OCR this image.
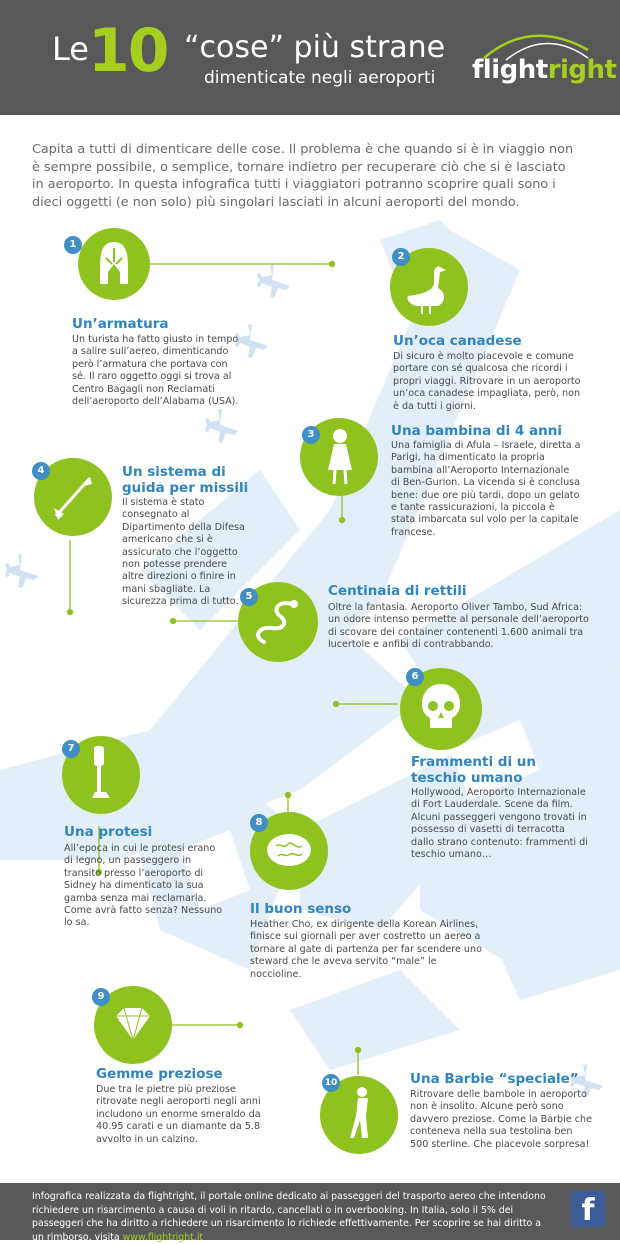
Le 10 “cose” più strane
dimenticate negli aeroporti flightright
Capita a tutti di dimenticare delle cose. Il problema è che quando si è in viaggio non è sempre possibile, o semplice, tornare indietro per recuperare ciò che si è lasciato in aeroporto. In questa infografica tutti i viaggiatori potranno scoprire quali sono i dieci oggetti (e non solo) più singolari lasciati in alcuni aeroporti del mondo.
1
Un’armatura
Un turista ha fatto giusto in tempo a salire sull’aereo, dimenticando però l’armatura che portava con sé. Il raro oggetto oggi si trova al Centro Bagagli non Reclamati dell’aeroporto dell’Alabama (USA).
2
Un’oca canadese
Di sicuro è molto piacevole e comune portare con sé qualcosa che ricordi i propri viaggi. Ritrovare in un aeroporto un’oca canadese impagliata, però, non è da tutti i giorni.
3	Una bambina di 4 anni
Una famiglia di Afula – Israele, diretta a Parigi, ha dimenticato la propria bambina all’Aeroporto Internazionale di Ben-Gurion. La vicenda si è conclusa bene: due ore più tardi, dopo un gelato e tante rassicurazioni, la piccola è stata imbarcata sul volo per la capitale francese.
4	Un sistema di guida per missili
Il sistema è stato consegnato al Dipartimento della Difesa americano che si è assicurato che l’oggetto non potesse prendere altre direzioni o finire in mani sbagliate. La sicurezza prima di tutto. 5	Centinaia di rettili
Oltre la fantasia. Aeroporto Oliver Tambo, Sud Africa: un odore intenso permette al personale dell’aeroporto di scovare dei container contenenti 1.600 animali tra lucertole e anfibi di contrabbando.
6
Frammenti di un teschio umano
Hollywood, Aeroporto Internazionale di Fort Lauderdale. Scene da film. Alcuni passeggeri vengono trovati in possesso di vasetti di terracotta dallo strano contenuto: frammenti di teschio umano…
7
Una protesi
All’epoca in cui le protesi erano di legno, un passeggero in transito presso l’aeroporto di Sidney ha dimenticato la sua gamba senza mai reclamarla. Come avrà fatto senza? Nessuno lo sa.
8
Il buon senso
Heather Cho, ex dirigente della Korean Airlines, finisce sui giornali per aver costretto un aereo a tornare al gate di partenza per far scendere uno steward che le aveva servito “male” le noccioline.
9
Gemme preziose
Due tra le pietre più preziose ritrovate negli aeroporti negli anni includono un enorme smeraldo da 40.95 carati e un diamante da 5.8 avvolto in un calzino.
10	Una Barbie “speciale”
Ritrovare delle bambole in aeroporto non è insolito. Alcune però sono davvero preziose. Come la Barbie che conteneva nella sua testolina ben 500 sterline. Che piacevole sorpresa!
Infografica realizzata da flightright, il portale online dedicato ai passeggeri del trasporto aereo che intendono richiedere un risarcimento a causa di voli in ritardo, cancellati o in overbooking. In Italia, solo il 5% dei passeggeri che ha diritto a richiedere un risarcimento lo richiede effettivamente. Per scoprire se hai diritto a un rimborso, visita www.flightright.it
f
